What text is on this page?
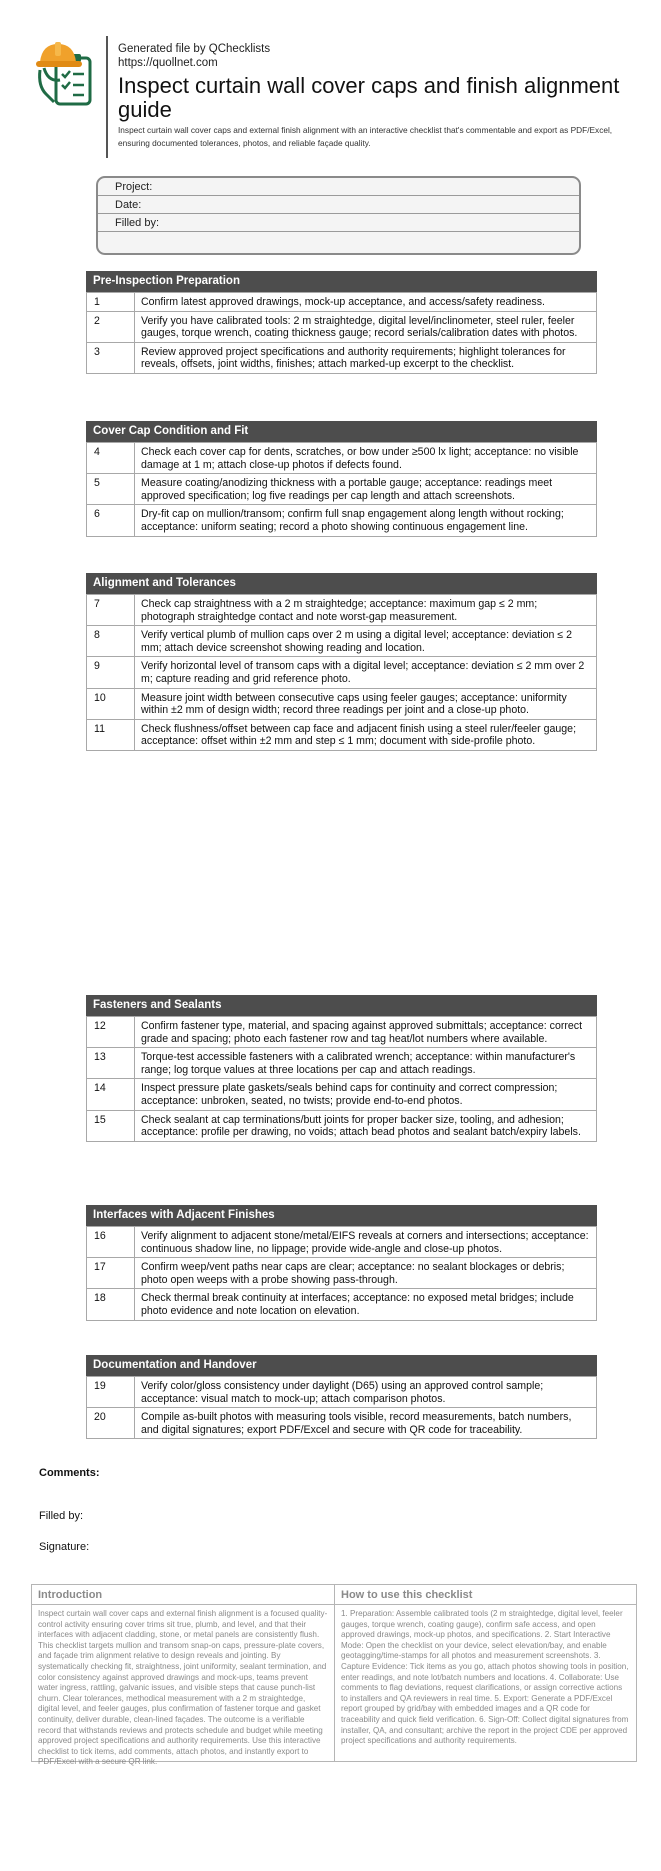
Generated file by QChecklists
https://quollnet.com
Inspect curtain wall cover caps and finish alignment guide

Inspect curtain wall cover caps and external finish alignment with an interactive checklist that's commentable and export as PDF/Excel, ensuring documented tolerances, photos, and reliable façade quality.

Project:
Date:
Filled by:
Pre-Inspection Preparation
1	Confirm latest approved drawings, mock-up acceptance, and access/safety readiness.
2	Verify you have calibrated tools: 2 m straightedge, digital level/inclinometer, steel ruler, feeler gauges, torque wrench, coating thickness gauge; record serials/calibration dates with photos.
3	Review approved project specifications and authority requirements; highlight tolerances for reveals, offsets, joint widths, finishes; attach marked-up excerpt to the checklist.
Cover Cap Condition and Fit
4	Check each cover cap for dents, scratches, or bow under ≥500 lx light; acceptance: no visible damage at 1 m; attach close-up photos if defects found.
5	Measure coating/anodizing thickness with a portable gauge; acceptance: readings meet approved specification; log five readings per cap length and attach screenshots.
6	Dry-fit cap on mullion/transom; confirm full snap engagement along length without rocking; acceptance: uniform seating; record a photo showing continuous engagement line.
Alignment and Tolerances
7	Check cap straightness with a 2 m straightedge; acceptance: maximum gap ≤ 2 mm; photograph straightedge contact and note worst-gap measurement.
8	Verify vertical plumb of mullion caps over 2 m using a digital level; acceptance: deviation ≤ 2 mm; attach device screenshot showing reading and location.
9	Verify horizontal level of transom caps with a digital level; acceptance: deviation ≤ 2 mm over 2 m; capture reading and grid reference photo.
10	Measure joint width between consecutive caps using feeler gauges; acceptance: uniformity within ±2 mm of design width; record three readings per joint and a close-up photo.
11	Check flushness/offset between cap face and adjacent finish using a steel ruler/feeler gauge; acceptance: offset within ±2 mm and step ≤ 1 mm; document with side-profile photo.
Fasteners and Sealants
12	Confirm fastener type, material, and spacing against approved submittals; acceptance: correct grade and spacing; photo each fastener row and tag heat/lot numbers where available.
13	Torque-test accessible fasteners with a calibrated wrench; acceptance: within manufacturer's range; log torque values at three locations per cap and attach readings.
14	Inspect pressure plate gaskets/seals behind caps for continuity and correct compression; acceptance: unbroken, seated, no twists; provide end-to-end photos.
15	Check sealant at cap terminations/butt joints for proper backer size, tooling, and adhesion; acceptance: profile per drawing, no voids; attach bead photos and sealant batch/expiry labels.
Interfaces with Adjacent Finishes
16	Verify alignment to adjacent stone/metal/EIFS reveals at corners and intersections; acceptance: continuous shadow line, no lippage; provide wide-angle and close-up photos.
17	Confirm weep/vent paths near caps are clear; acceptance: no sealant blockages or debris; photo open weeps with a probe showing pass-through.
18	Check thermal break continuity at interfaces; acceptance: no exposed metal bridges; include photo evidence and note location on elevation.
Documentation and Handover
19	Verify color/gloss consistency under daylight (D65) using an approved control sample; acceptance: visual match to mock-up; attach comparison photos.
20	Compile as-built photos with measuring tools visible, record measurements, batch numbers, and digital signatures; export PDF/Excel and secure with QR code for traceability.
Comments:
Filled by:
Signature:
Introduction
Inspect curtain wall cover caps and external finish alignment is a focused quality-control activity ensuring cover trims sit true, plumb, and level, and that their interfaces with adjacent cladding, stone, or metal panels are consistently flush. This checklist targets mullion and transom snap-on caps, pressure-plate covers, and façade trim alignment relative to design reveals and jointing. By systematically checking fit, straightness, joint uniformity, sealant termination, and color consistency against approved drawings and mock-ups, teams prevent water ingress, rattling, galvanic issues, and visible steps that cause punch-list churn. Clear tolerances, methodical measurement with a 2 m straightedge, digital level, and feeler gauges, plus confirmation of fastener torque and gasket continuity, deliver durable, clean-lined façades. The outcome is a verifiable record that withstands reviews and protects schedule and budget while meeting approved project specifications and authority requirements. Use this interactive checklist to tick items, add comments, attach photos, and instantly export to PDF/Excel with a secure QR link.
How to use this checklist
1. Preparation: Assemble calibrated tools (2 m straightedge, digital level, feeler gauges, torque wrench, coating gauge), confirm safe access, and open approved drawings, mock-up photos, and specifications. 2. Start Interactive Mode: Open the checklist on your device, select elevation/bay, and enable geotagging/time-stamps for all photos and measurement screenshots. 3. Capture Evidence: Tick items as you go, attach photos showing tools in position, enter readings, and note lot/batch numbers and locations. 4. Collaborate: Use comments to flag deviations, request clarifications, or assign corrective actions to installers and QA reviewers in real time. 5. Export: Generate a PDF/Excel report grouped by grid/bay with embedded images and a QR code for traceability and quick field verification. 6. Sign-Off: Collect digital signatures from installer, QA, and consultant; archive the report in the project CDE per approved project specifications and authority requirements.
